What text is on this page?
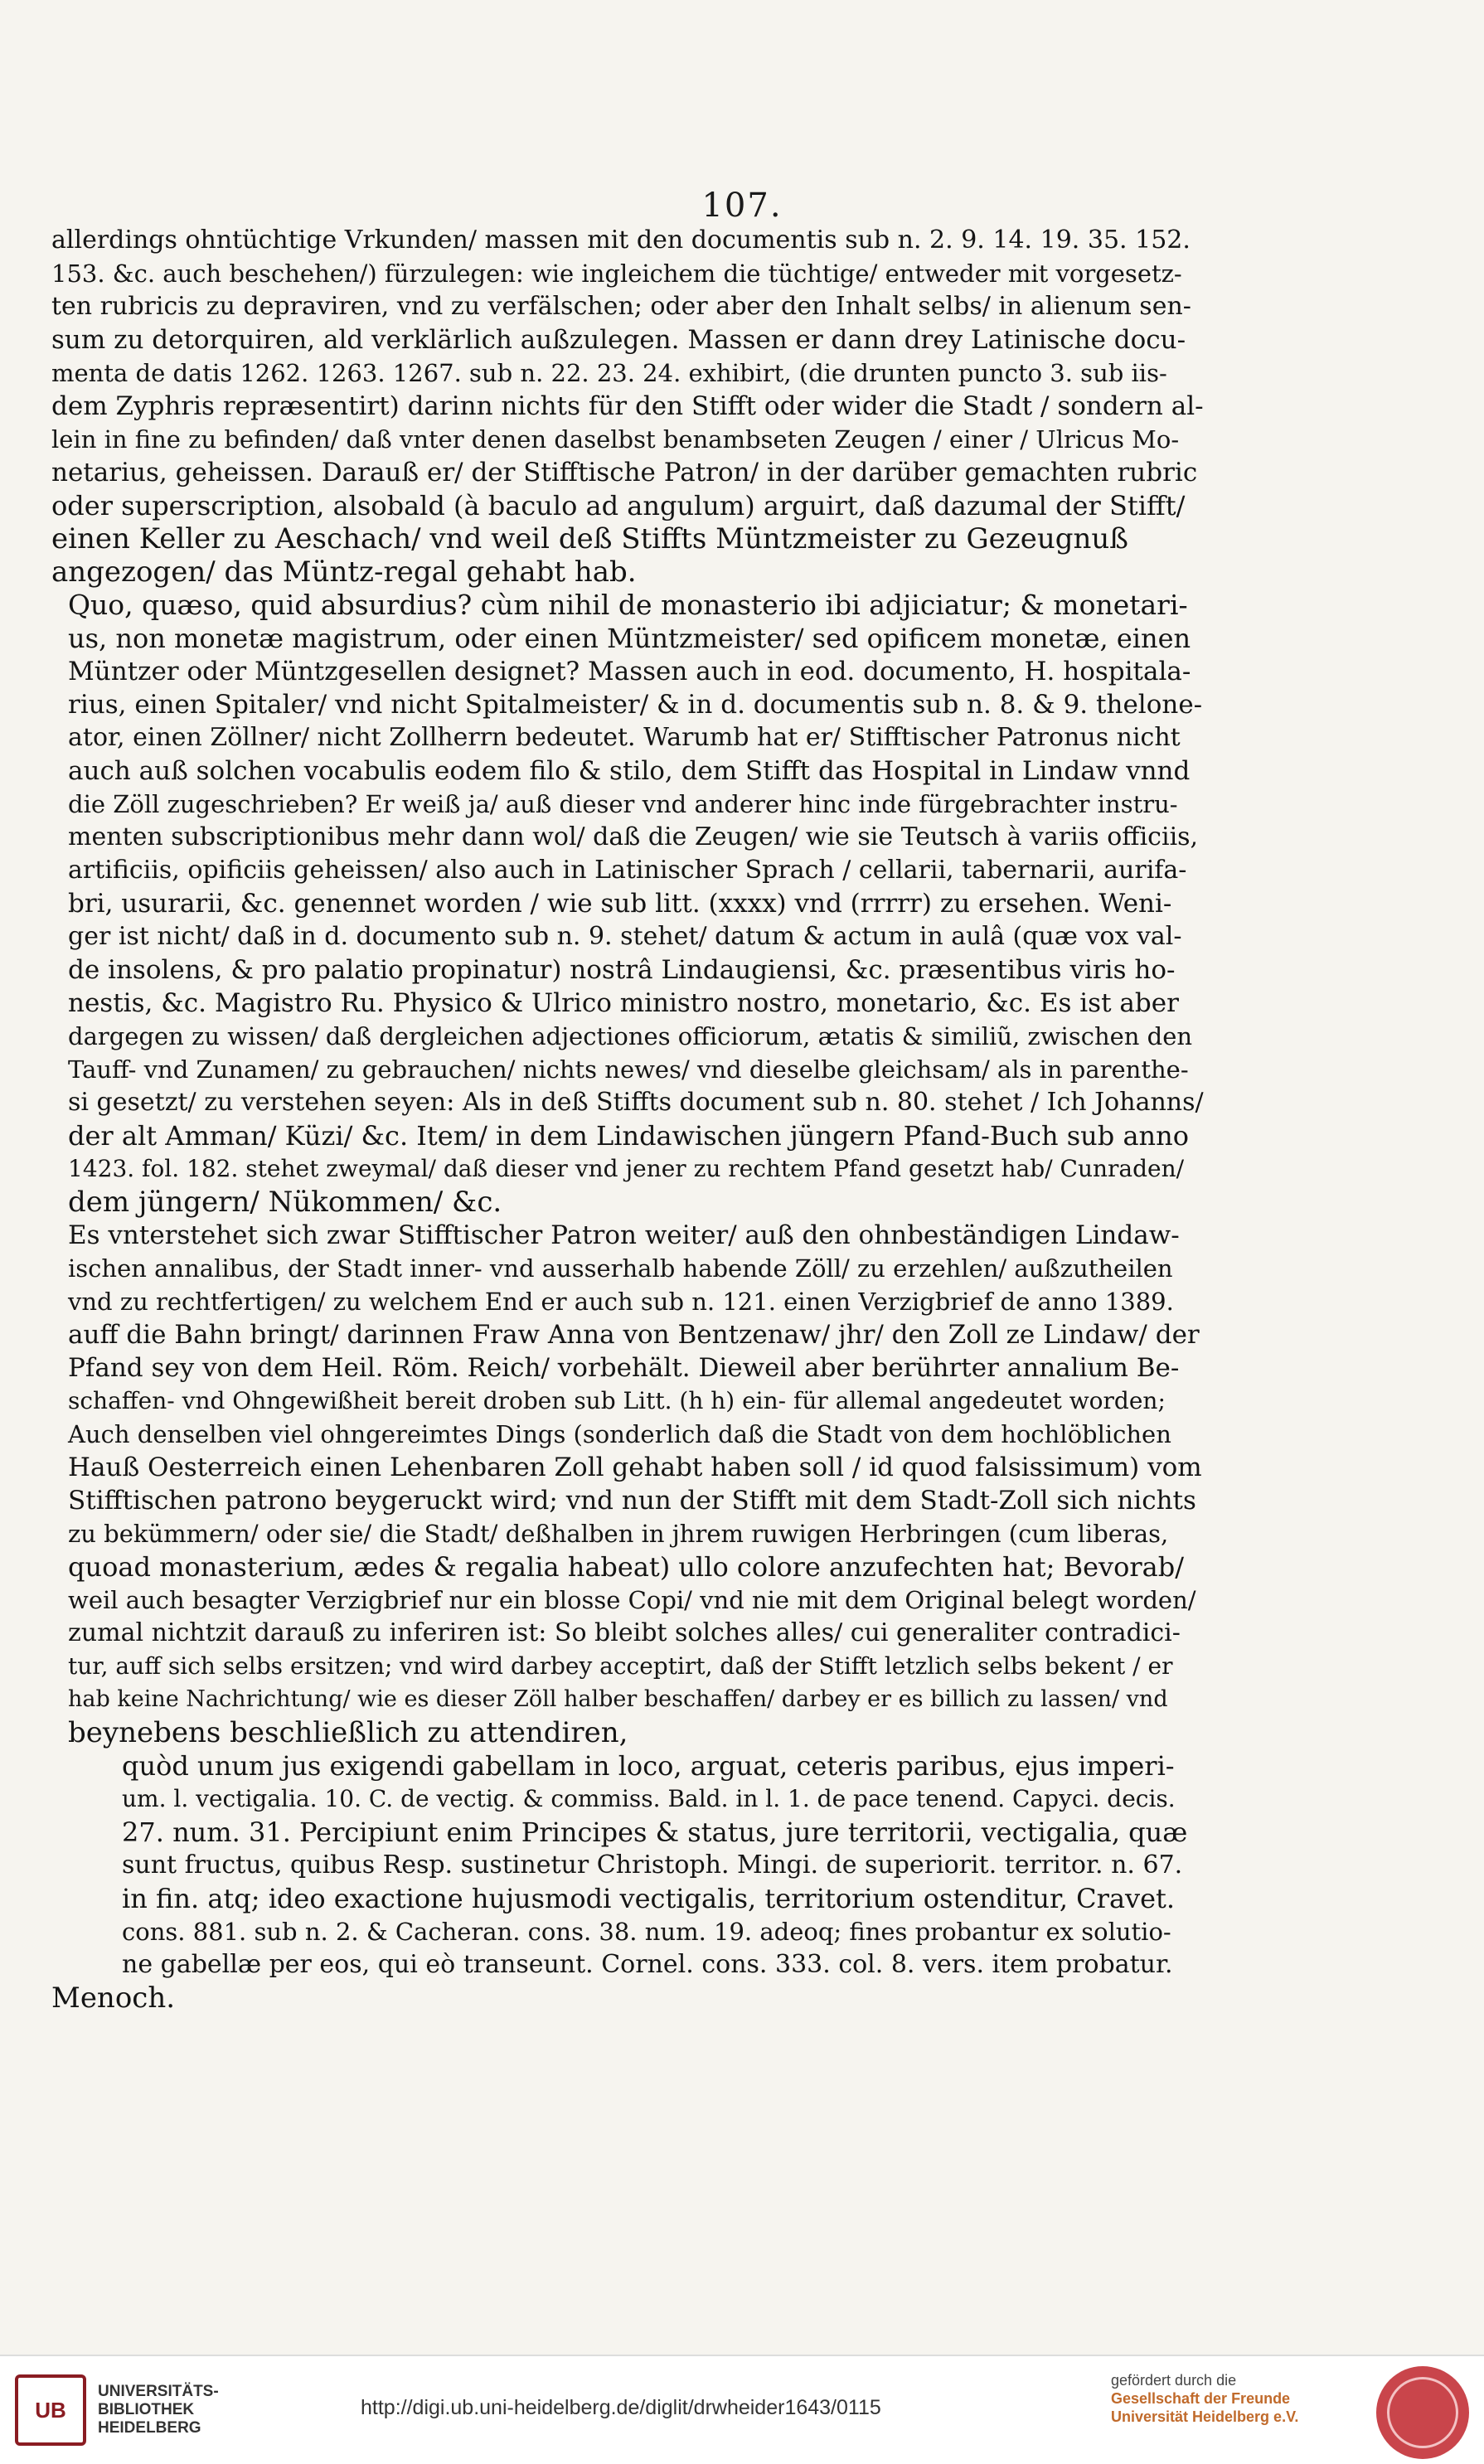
107.

allerdings ohntüchtige Vrkunden/ massen mit den documentis sub n. 2. 9. 14. 19. 35. 152.
153. &c. auch beschehen/) fürzulegen: wie ingleichem die tüchtige/ entweder mit vorgesetz-
ten rubricis zu depraviren, vnd zu verfälschen; oder aber den Inhalt selbs/ in alienum sen-
sum zu detorquiren, ald verklärlich außzulegen. Massen er dann drey Latinische docu-
menta de datis 1262. 1263. 1267. sub n. 22. 23. 24. exhibirt, (die drunten puncto 3. sub iis-
dem Zyphris repræsentirt) darinn nichts für den Stifft oder wider die Stadt / sondern al-
lein in fine zu befinden/ daß vnter denen daselbst benambseten Zeugen / einer / Ulricus Mo-
netarius, geheissen. Darauß er/ der Stifftische Patron/ in der darüber gemachten rubric
oder superscription, alsobald (à baculo ad angulum) arguirt, daß dazumal der Stifft/
einen Keller zu Aeschach/ vnd weil deß Stiffts Müntzmeister zu Gezeugnuß
angezogen/ das Müntz-regal gehabt hab.

Quo, quæso, quid absurdius? cùm nihil de monasterio ibi adjiciatur; & monetari-
us, non monetæ magistrum, oder einen Müntzmeister/ sed opificem monetæ, einen
Müntzer oder Müntzgesellen designet? Massen auch in eod. documento, H. hospitala-
rius, einen Spitaler/ vnd nicht Spitalmeister/ & in d. documentis sub n. 8. & 9. thelone-
ator, einen Zöllner/ nicht Zollherrn bedeutet. Warumb hat er/ Stifftischer Patronus nicht
auch auß solchen vocabulis eodem filo & stilo, dem Stifft das Hospital in Lindaw vnnd
die Zöll zugeschrieben? Er weiß ja/ auß dieser vnd anderer hinc inde fürgebrachter instru-
menten subscriptionibus mehr dann wol/ daß die Zeugen/ wie sie Teutsch à variis officiis,
artificiis, opificiis geheissen/ also auch in Latinischer Sprach / cellarii, tabernarii, aurifa-
bri, usurarii, &c. genennet worden / wie sub litt. (xxxx) vnd (rrrrr) zu ersehen. Weni-
ger ist nicht/ daß in d. documento sub n. 9. stehet/ datum & actum in aulâ (quæ vox val-
de insolens, & pro palatio propinatur) nostrâ Lindaugiensi, &c. præsentibus viris ho-
nestis, &c. Magistro Ru. Physico & Ulrico ministro nostro, monetario, &c. Es ist aber
dargegen zu wissen/ daß dergleichen adjectiones officiorum, ætatis & similiũ, zwischen den
Tauff- vnd Zunamen/ zu gebrauchen/ nichts newes/ vnd dieselbe gleichsam/ als in parenthe-
si gesetzt/ zu verstehen seyen: Als in deß Stiffts document sub n. 80. stehet / Ich Johanns/
der alt Amman/ Küzi/ &c. Item/ in dem Lindawischen jüngern Pfand-Buch sub anno
1423. fol. 182. stehet zweymal/ daß dieser vnd jener zu rechtem Pfand gesetzt hab/ Cunraden/
dem jüngern/ Nükommen/ &c.

Es vnterstehet sich zwar Stifftischer Patron weiter/ auß den ohnbeständigen Lindaw-
ischen annalibus, der Stadt inner- vnd ausserhalb habende Zöll/ zu erzehlen/ außzutheilen
vnd zu rechtfertigen/ zu welchem End er auch sub n. 121. einen Verzigbrief de anno 1389.
auff die Bahn bringt/ darinnen Fraw Anna von Bentzenaw/ jhr/ den Zoll ze Lindaw/ der
Pfand sey von dem Heil. Röm. Reich/ vorbehält. Dieweil aber berührter annalium Be-
schaffen- vnd Ohngewißheit bereit droben sub Litt. (h h) ein- für allemal angedeutet worden;
Auch denselben viel ohngereimtes Dings (sonderlich daß die Stadt von dem hochlöblichen
Hauß Oesterreich einen Lehenbaren Zoll gehabt haben soll / id quod falsissimum) vom
Stifftischen patrono beygeruckt wird; vnd nun der Stifft mit dem Stadt-Zoll sich nichts
zu bekümmern/ oder sie/ die Stadt/ deßhalben in jhrem ruwigen Herbringen (cum liberas,
quoad monasterium, ædes & regalia habeat) ullo colore anzufechten hat; Bevorab/
weil auch besagter Verzigbrief nur ein blosse Copi/ vnd nie mit dem Original belegt worden/
zumal nichtzit darauß zu inferiren ist: So bleibt solches alles/ cui generaliter contradici-
tur, auff sich selbs ersitzen; vnd wird darbey acceptirt, daß der Stifft letzlich selbs bekent / er
hab keine Nachrichtung/ wie es dieser Zöll halber beschaffen/ darbey er es billich zu lassen/ vnd
beynebens beschließlich zu attendiren,

quòd unum jus exigendi gabellam in loco, arguat, ceteris paribus, ejus imperi-
um. l. vectigalia. 10. C. de vectig. & commiss. Bald. in l. 1. de pace tenend. Capyci. decis.
27. num. 31. Percipiunt enim Principes & status, jure territorii, vectigalia, quæ
sunt fructus, quibus Resp. sustinetur Christoph. Mingi. de superiorit. territor. n. 67.
in fin. atq; ideo exactione hujusmodi vectigalis, territorium ostenditur, Cravet.
cons. 881. sub n. 2. & Cacheran. cons. 38. num. 19. adeoq; fines probantur ex solutio-
ne gabellæ per eos, qui eò transeunt. Cornel. cons. 333. col. 8. vers. item probatur.

Menoch.

UB
UNIVERSITÄTS-
BIBLIOTHEK
HEIDELBERG
http://digi.ub.uni-heidelberg.de/diglit/drwheider1643/0115
gefördert durch die
Gesellschaft der Freunde
Universität Heidelberg e.V.
